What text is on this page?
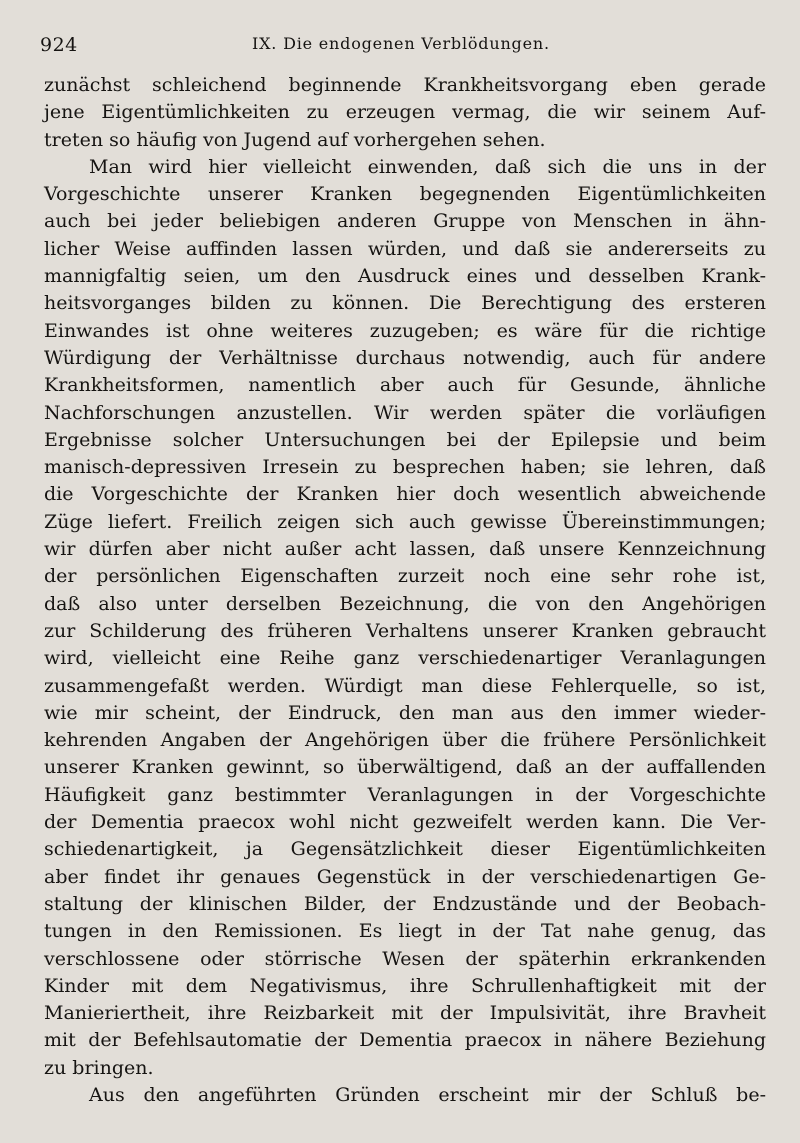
924	IX. Die endogenen Verblödungen.
zunächst schleichend beginnende Krankheitsvorgang eben gerade
jene Eigentümlichkeiten zu erzeugen vermag, die wir seinem Auf-
treten so häufig von Jugend auf vorhergehen sehen.
Man wird hier vielleicht einwenden, daß sich die uns in der
Vorgeschichte unserer Kranken begegnenden Eigentümlichkeiten
auch bei jeder beliebigen anderen Gruppe von Menschen in ähn-
licher Weise auffinden lassen würden, und daß sie andererseits zu
mannigfaltig seien, um den Ausdruck eines und desselben Krank-
heitsvorganges bilden zu können. Die Berechtigung des ersteren
Einwandes ist ohne weiteres zuzugeben; es wäre für die richtige
Würdigung der Verhältnisse durchaus notwendig, auch für andere
Krankheitsformen, namentlich aber auch für Gesunde, ähnliche
Nachforschungen anzustellen. Wir werden später die vorläufigen
Ergebnisse solcher Untersuchungen bei der Epilepsie und beim
manisch-depressiven Irresein zu besprechen haben; sie lehren, daß
die Vorgeschichte der Kranken hier doch wesentlich abweichende
Züge liefert. Freilich zeigen sich auch gewisse Übereinstimmungen;
wir dürfen aber nicht außer acht lassen, daß unsere Kennzeichnung
der persönlichen Eigenschaften zurzeit noch eine sehr rohe ist,
daß also unter derselben Bezeichnung, die von den Angehörigen
zur Schilderung des früheren Verhaltens unserer Kranken gebraucht
wird, vielleicht eine Reihe ganz verschiedenartiger Veranlagungen
zusammengefaßt werden. Würdigt man diese Fehlerquelle, so ist,
wie mir scheint, der Eindruck, den man aus den immer wieder-
kehrenden Angaben der Angehörigen über die frühere Persönlichkeit
unserer Kranken gewinnt, so überwältigend, daß an der auffallenden
Häufigkeit ganz bestimmter Veranlagungen in der Vorgeschichte
der Dementia praecox wohl nicht gezweifelt werden kann. Die Ver-
schiedenartigkeit, ja Gegensätzlichkeit dieser Eigentümlichkeiten
aber findet ihr genaues Gegenstück in der verschiedenartigen Ge-
staltung der klinischen Bilder, der Endzustände und der Beobach-
tungen in den Remissionen. Es liegt in der Tat nahe genug, das
verschlossene oder störrische Wesen der späterhin erkrankenden
Kinder mit dem Negativismus, ihre Schrullenhaftigkeit mit der
Manieriertheit, ihre Reizbarkeit mit der Impulsivität, ihre Bravheit
mit der Befehlsautomatie der Dementia praecox in nähere Beziehung
zu bringen.
Aus den angeführten Gründen erscheint mir der Schluß be-
